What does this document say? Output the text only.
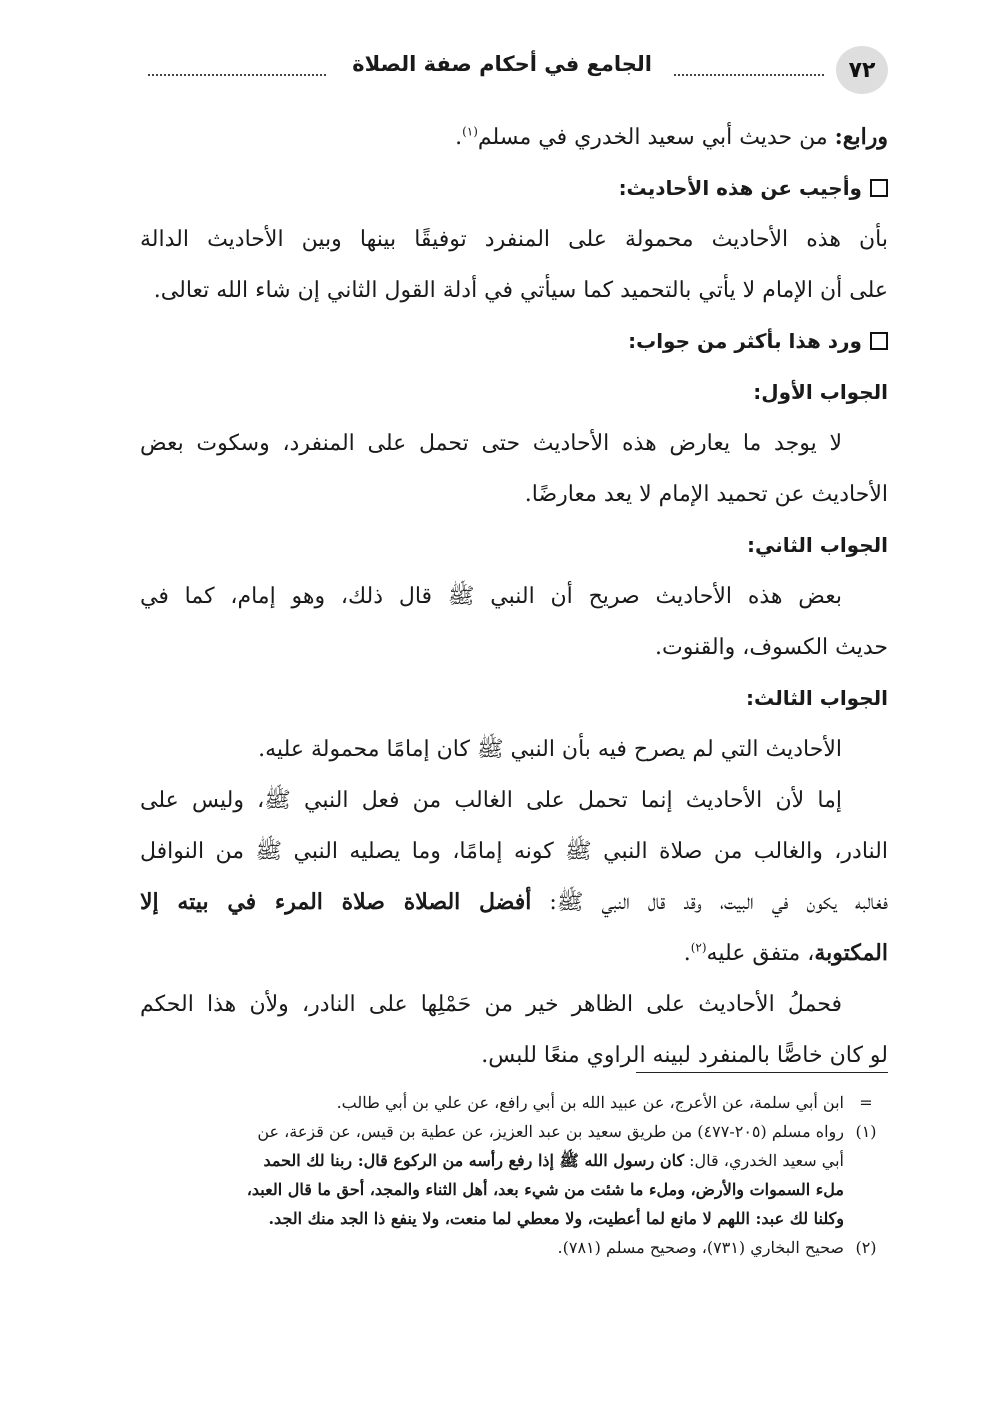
٧٢
الجامع في أحكام صفة الصلاة
ورابع: من حديث أبي سعيد الخدري في مسلم$^{(١)}$.
وأجيب عن هذه الأحاديث:
بأن هذه الأحاديث محمولة على المنفرد توفيقًا بينها وبين الأحاديث الدالة
على أن الإمام لا يأتي بالتحميد كما سيأتي في أدلة القول الثاني إن شاء الله تعالى.
ورد هذا بأكثر من جواب:
الجواب الأول:
لا يوجد ما يعارض هذه الأحاديث حتى تحمل على المنفرد، وسكوت بعض
الأحاديث عن تحميد الإمام لا يعد معارضًا.
الجواب الثاني:
بعض هذه الأحاديث صريح أن النبي ﷺ قال ذلك، وهو إمام، كما في
حديث الكسوف، والقنوت.
الجواب الثالث:
الأحاديث التي لم يصرح فيه بأن النبي ﷺ كان إمامًا محمولة عليه.
إما لأن الأحاديث إنما تحمل على الغالب من فعل النبي ﷺ، وليس على
النادر، والغالب من صلاة النبي ﷺ كونه إمامًا، وما يصليه النبي ﷺ من النوافل
فغالبه يكون في البيت، وقد قال النبي ﷺ: أفضل الصلاة صلاة المرء في بيته إلا
المكتوبة، متفق عليه$^{(٢)}$.
فحملُ الأحاديث على الظاهر خير من حَمْلِها على النادر، ولأن هذا الحكم
لو كان خاصًّا بالمنفرد لبينه الراوي منعًا للبس.
=ابن أبي سلمة، عن الأعرج، عن عبيد الله بن أبي رافع، عن علي بن أبي طالب.
(١)رواه مسلم (٢٠٥-٤٧٧) من طريق سعيد بن عبد العزيز، عن عطية بن قيس، عن قزعة، عن
أبي سعيد الخدري، قال: كان رسول الله ﷺ إذا رفع رأسه من الركوع قال: ربنا لك الحمد
ملء السموات والأرض، وملء ما شئت من شيء بعد، أهل الثناء والمجد، أحق ما قال العبد،
وكلنا لك عبد: اللهم لا مانع لما أعطيت، ولا معطي لما منعت، ولا ينفع ذا الجد منك الجد.
(٢)صحيح البخاري (٧٣١)، وصحيح مسلم (٧٨١).
